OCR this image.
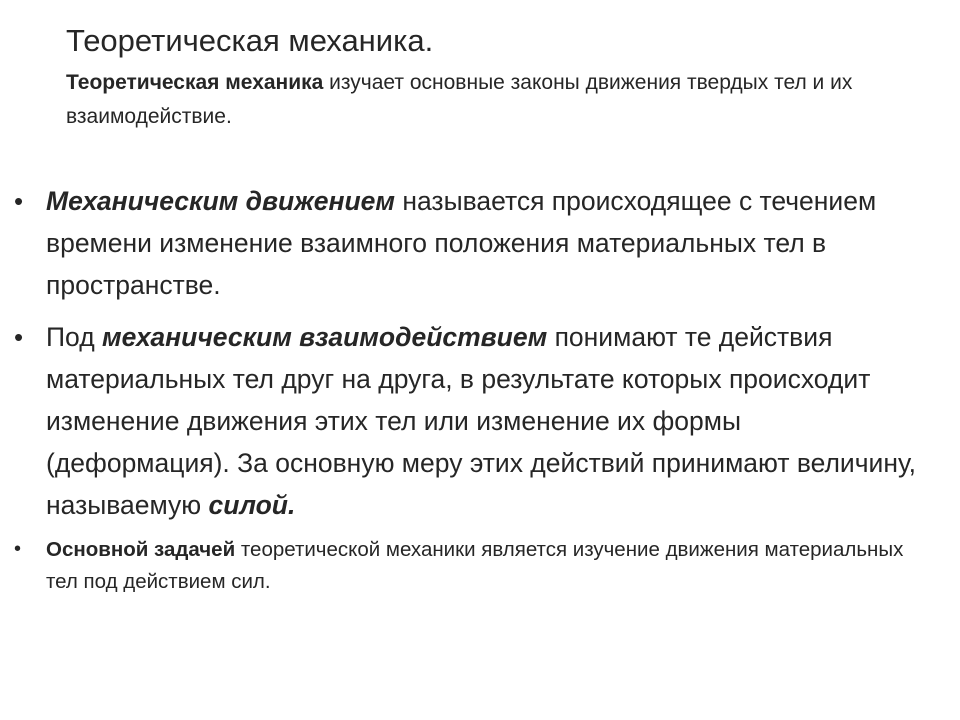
Теоретическая механика.

Теоретическая механика изучает основные законы движения твердых тел и их взаимодействие.

• Механическим движением называется происходящее с течением времени изменение взаимного положения материальных тел в пространстве.
• Под механическим взаимодействием понимают те действия материальных тел друг на друга, в результате которых происходит изменение движения этих тел или изменение их формы (деформация). За основную меру этих действий принимают величину, называемую силой.
• Основной задачей теоретической механики является изучение движения материальных тел под действием сил.
